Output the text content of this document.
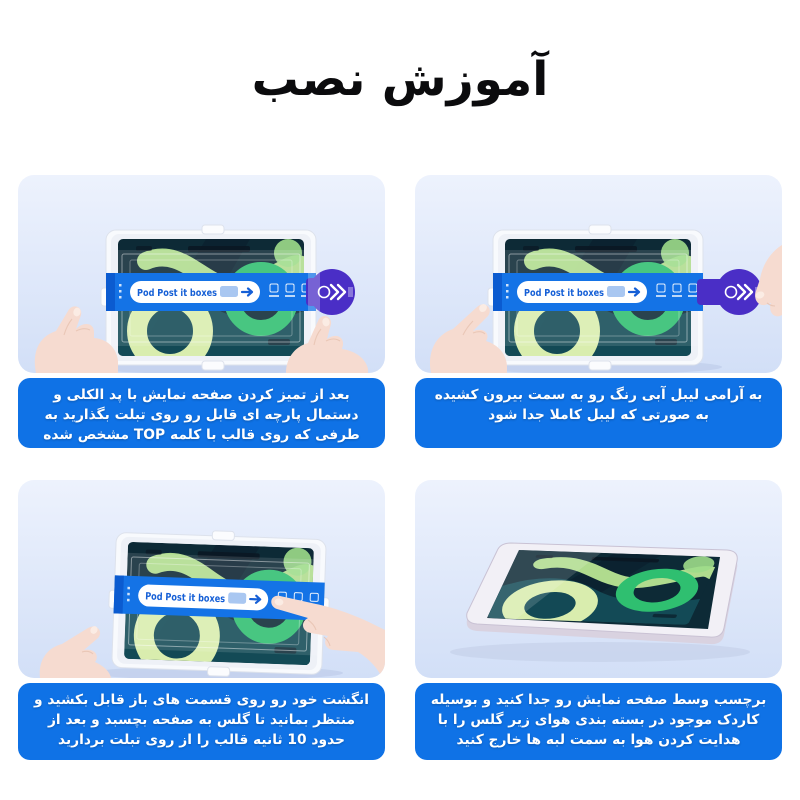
آموزش نصب
بعد از تمیز کردن صفحه نمایش با پد الکلی و دستمال پارچه ای قابل رو روی تبلت بگذارید به طرفی که روی قالب با کلمه TOP مشخص شده
به آرامی لیبل آبی رنگ رو به سمت بیرون کشیده به صورتی که لیبل کاملا جدا شود
انگشت خود رو روی قسمت های باز قابل بکشید و منتظر بمانید تا گلس به صفحه بچسبد و بعد از حدود 10 ثانیه قالب را از روی تبلت بردارید
برچسب وسط صفحه نمایش رو جدا کنید و بوسیله کاردک موجود در بسته بندی هوای زیر گلس را با هدایت کردن هوا به سمت لبه ها خارج کنید
